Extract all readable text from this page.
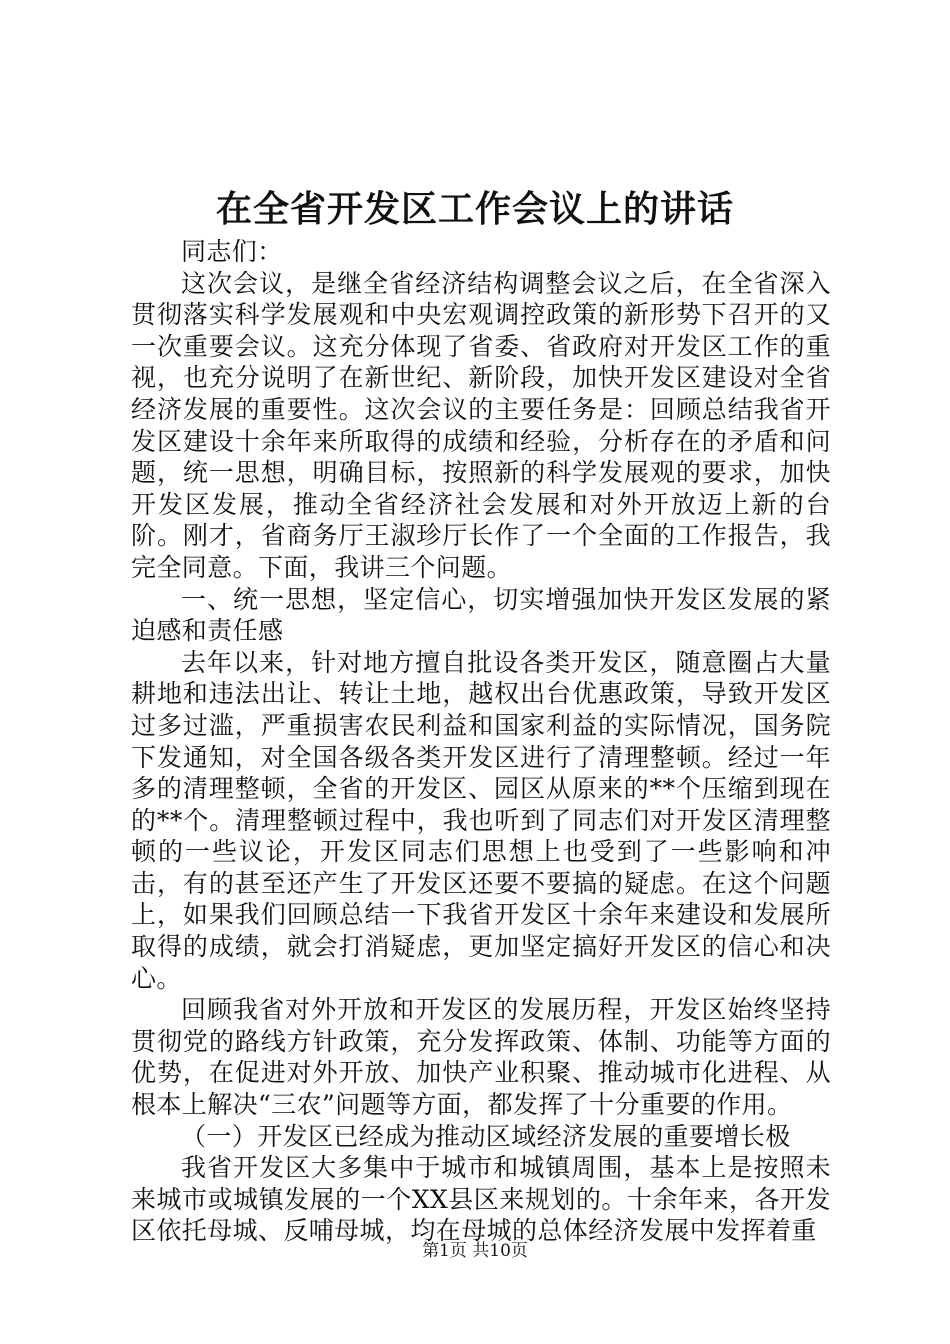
在全省开发区工作会议上的讲话

同志们：

这次会议，是继全省经济结构调整会议之后，在全省深入贯彻落实科学发展观和中央宏观调控政策的新形势下召开的又一次重要会议。这充分体现了省委、省政府对开发区工作的重视，也充分说明了在新世纪、新阶段，加快开发区建设对全省经济发展的重要性。这次会议的主要任务是：回顾总结我省开发区建设十余年来所取得的成绩和经验，分析存在的矛盾和问题，统一思想，明确目标，按照新的科学发展观的要求，加快开发区发展，推动全省经济社会发展和对外开放迈上新的台阶。刚才，省商务厅王淑珍厅长作了一个全面的工作报告，我完全同意。下面，我讲三个问题。

一、统一思想，坚定信心，切实增强加快开发区发展的紧迫感和责任感

去年以来，针对地方擅自批设各类开发区，随意圈占大量耕地和违法出让、转让土地，越权出台优惠政策，导致开发区过多过滥，严重损害农民利益和国家利益的实际情况，国务院下发通知，对全国各级各类开发区进行了清理整顿。经过一年多的清理整顿，全省的开发区、园区从原来的**个压缩到现在的**个。清理整顿过程中，我也听到了同志们对开发区清理整顿的一些议论，开发区同志们思想上也受到了一些影响和冲击，有的甚至还产生了开发区还要不要搞的疑虑。在这个问题上，如果我们回顾总结一下我省开发区十余年来建设和发展所取得的成绩，就会打消疑虑，更加坚定搞好开发区的信心和决心。

回顾我省对外开放和开发区的发展历程，开发区始终坚持贯彻党的路线方针政策，充分发挥政策、体制、功能等方面的优势，在促进对外开放、加快产业积聚、推动城市化进程、从根本上解决“三农”问题等方面，都发挥了十分重要的作用。

（一）开发区已经成为推动区域经济发展的重要增长极

我省开发区大多集中于城市和城镇周围，基本上是按照未来城市或城镇发展的一个XX县区来规划的。十余年来，各开发区依托母城、反哺母城，均在母城的总体经济发展中发挥着重

第1页 共10页
